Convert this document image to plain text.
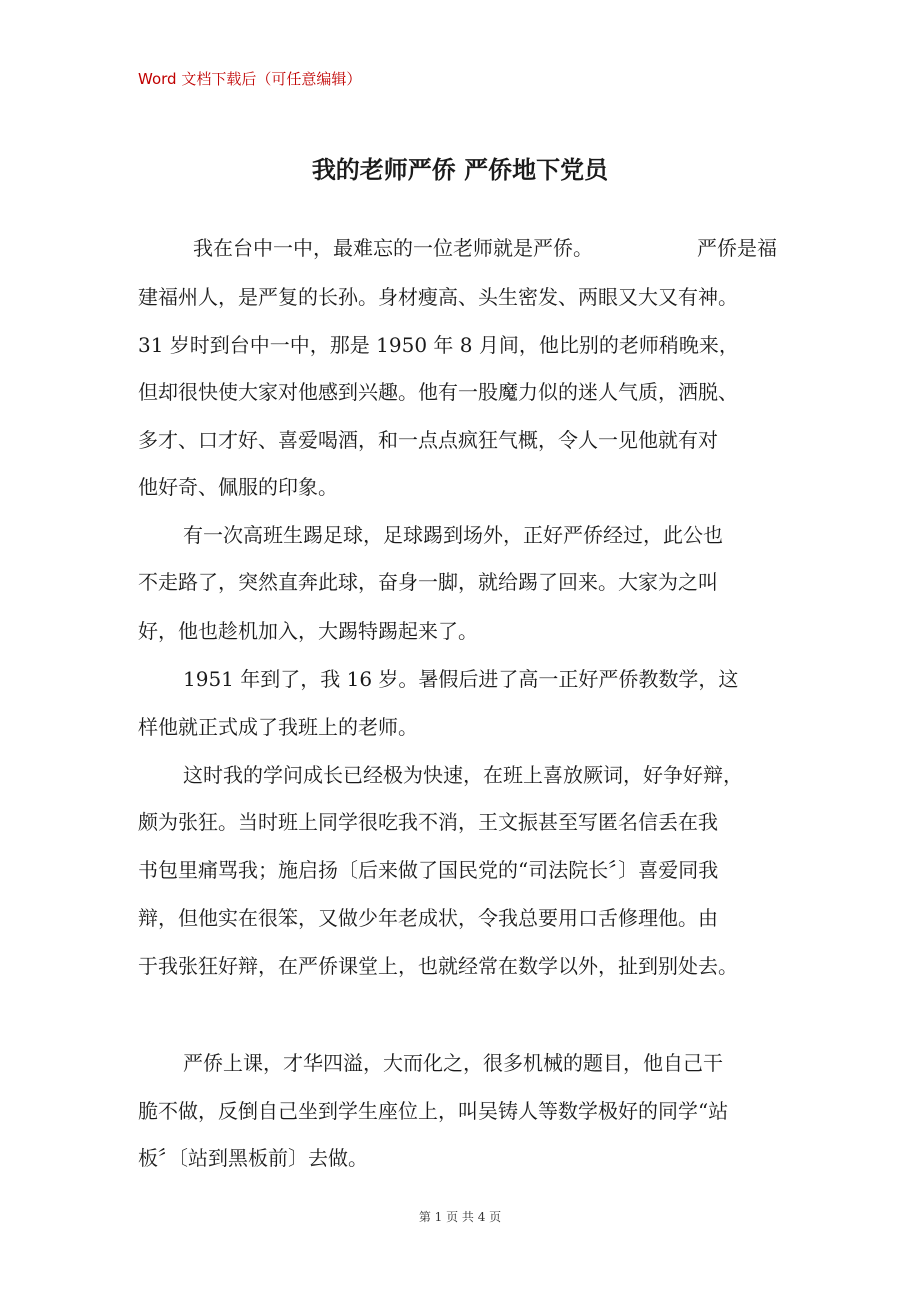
Word 文档下载后（可任意编辑）
我的老师严侨 严侨地下党员
我在台中一中，最难忘的一位老师就是严侨。	严侨是福
建福州人，是严复的长孙。身材瘦高、头生密发、两眼又大又有神。
31 岁时到台中一中，那是 1950 年 8 月间，他比别的老师稍晚来，
但却很快使大家对他感到兴趣。他有一股魔力似的迷人气质，洒脱、
多才、口才好、喜爱喝酒，和一点点疯狂气概，令人一见他就有对
他好奇、佩服的印象。
有一次高班生踢足球，足球踢到场外，正好严侨经过，此公也
不走路了，突然直奔此球，奋身一脚，就给踢了回来。大家为之叫
好，他也趁机加入，大踢特踢起来了。
1951 年到了，我 16 岁。暑假后进了高一正好严侨教数学，这
样他就正式成了我班上的老师。
这时我的学问成长已经极为快速，在班上喜放厥词，好争好辩，
颇为张狂。当时班上同学很吃我不消，王文振甚至写匿名信丢在我
书包里痛骂我；施启扬〔后来做了国民党的“司法院长〞〕喜爱同我
辩，但他实在很笨，又做少年老成状，令我总要用口舌修理他。由
于我张狂好辩，在严侨课堂上，也就经常在数学以外，扯到别处去。
严侨上课，才华四溢，大而化之，很多机械的题目，他自己干
脆不做，反倒自己坐到学生座位上，叫吴铸人等数学极好的同学“站
板〞〔站到黑板前〕去做。
第 1 页 共 4 页
